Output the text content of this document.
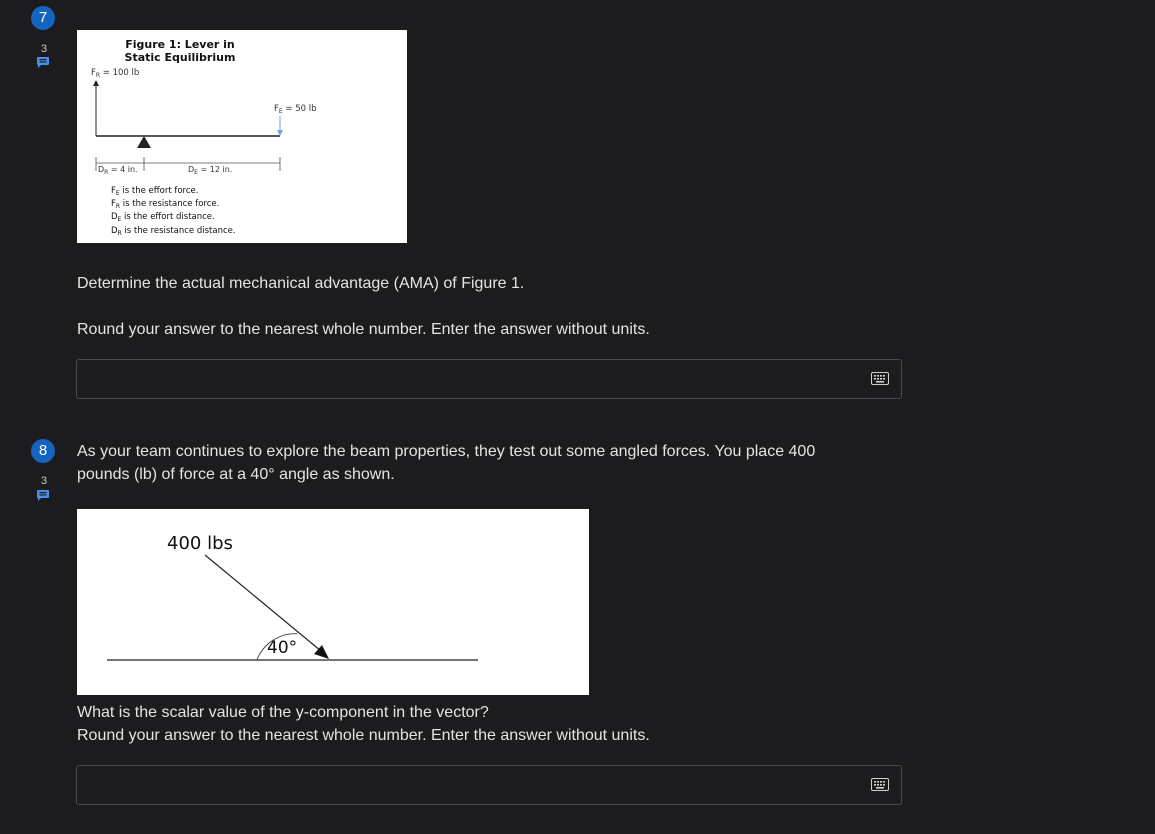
7
3	Figure 1: Lever in
Static Equilibrium
$F_R = 100$ lb
$F_E = 50$ lb
$D_R = 4$ in.	$D_E = 12$ in.
$F_E$ is the effort force.
$F_R$ is the resistance force.
$D_E$ is the effort distance.
$D_R$ is the resistance distance.
Determine the actual mechanical advantage (AMA) of Figure 1.
Round your answer to the nearest whole number. Enter the answer without units.
8
3
As your team continues to explore the beam properties, they test out some angled forces. You place 400
pounds (lb) of force at a 40° angle as shown.
400 lbs
40°
What is the scalar value of the y-component in the vector?
Round your answer to the nearest whole number. Enter the answer without units.
